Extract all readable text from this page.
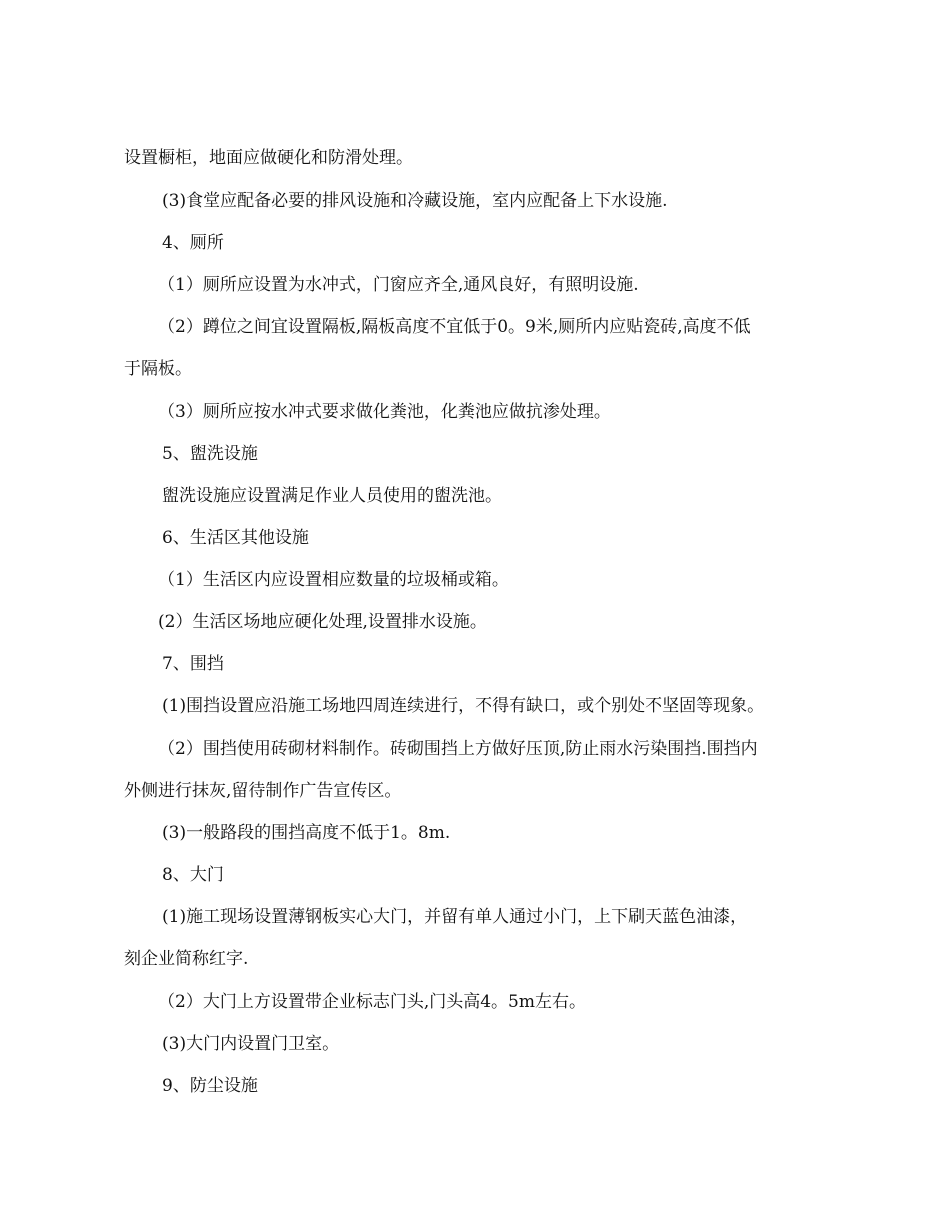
设置橱柜，地面应做硬化和防滑处理。
(3)食堂应配备必要的排风设施和冷藏设施，室内应配备上下水设施.
4、厕所
（1）厕所应设置为水冲式，门窗应齐全,通风良好，有照明设施.
（2）蹲位之间宜设置隔板,隔板高度不宜低于0。9米,厕所内应贴瓷砖,高度不低
于隔板。
（3）厕所应按水冲式要求做化粪池，化粪池应做抗渗处理。
5、盥洗设施
盥洗设施应设置满足作业人员使用的盥洗池。
6、生活区其他设施
（1）生活区内应设置相应数量的垃圾桶或箱。
(2）生活区场地应硬化处理,设置排水设施。
7、围挡
(1)围挡设置应沿施工场地四周连续进行，不得有缺口，或个别处不坚固等现象。
（2）围挡使用砖砌材料制作。砖砌围挡上方做好压顶,防止雨水污染围挡.围挡内
外侧进行抹灰,留待制作广告宣传区。
(3)一般路段的围挡高度不低于1。8m.
8、大门
(1)施工现场设置薄钢板实心大门，并留有单人通过小门，上下刷天蓝色油漆，
刻企业简称红字.
（2）大门上方设置带企业标志门头,门头高4。5m左右。
(3)大门内设置门卫室。
9、防尘设施
